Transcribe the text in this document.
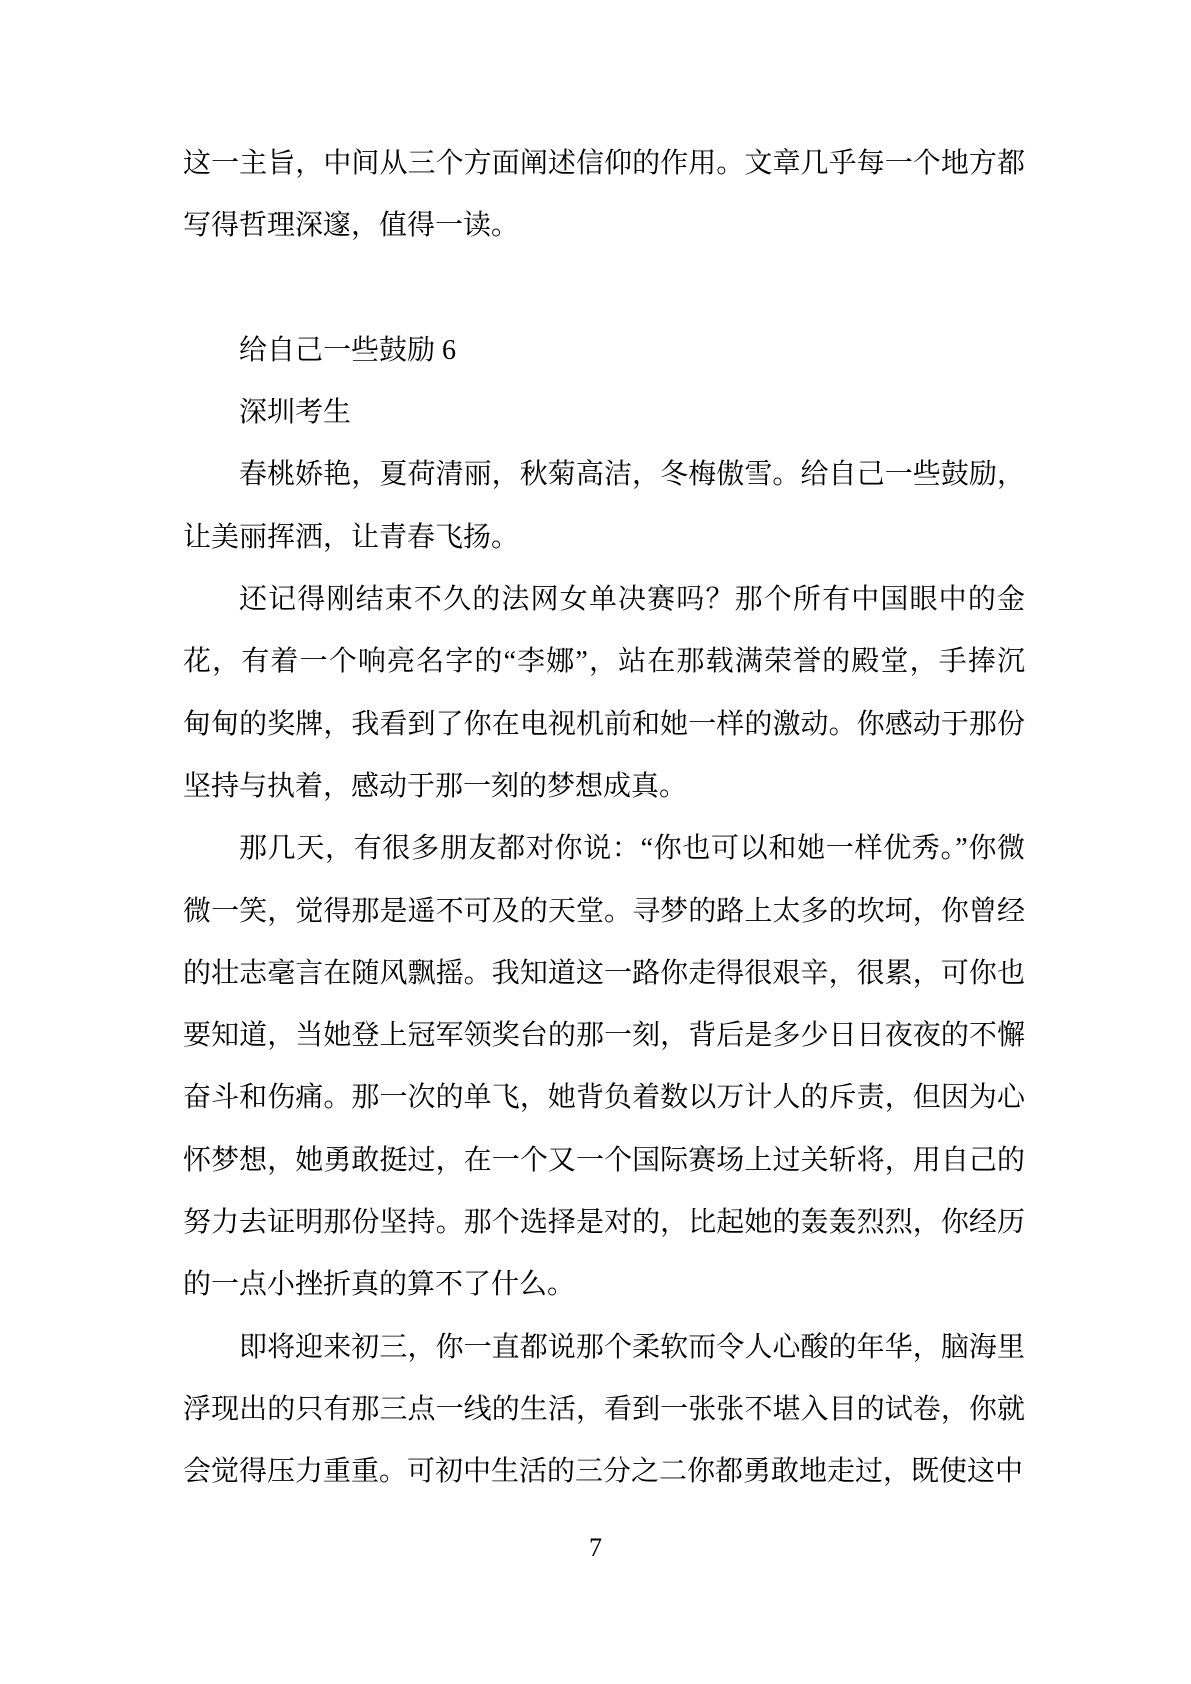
这一主旨，中间从三个方面阐述信仰的作用。文章几乎每一个地方都
写得哲理深邃，值得一读。
给自己一些鼓励 6
深圳考生
春桃娇艳，夏荷清丽，秋菊高洁，冬梅傲雪。给自己一些鼓励，
让美丽挥洒，让青春飞扬。
还记得刚结束不久的法网女单决赛吗？那个所有中国眼中的金
花，有着一个响亮名字的“李娜”，站在那载满荣誉的殿堂，手捧沉
甸甸的奖牌，我看到了你在电视机前和她一样的激动。你感动于那份
坚持与执着，感动于那一刻的梦想成真。
那几天，有很多朋友都对你说：“你也可以和她一样优秀。”你微
微一笑，觉得那是遥不可及的天堂。寻梦的路上太多的坎坷，你曾经
的壮志毫言在随风飘摇。我知道这一路你走得很艰辛，很累，可你也
要知道，当她登上冠军领奖台的那一刻，背后是多少日日夜夜的不懈
奋斗和伤痛。那一次的单飞，她背负着数以万计人的斥责，但因为心
怀梦想，她勇敢挺过，在一个又一个国际赛场上过关斩将，用自己的
努力去证明那份坚持。那个选择是对的，比起她的轰轰烈烈，你经历
的一点小挫折真的算不了什么。
即将迎来初三，你一直都说那个柔软而令人心酸的年华，脑海里
浮现出的只有那三点一线的生活，看到一张张不堪入目的试卷，你就
会觉得压力重重。可初中生活的三分之二你都勇敢地走过，既使这中
7
